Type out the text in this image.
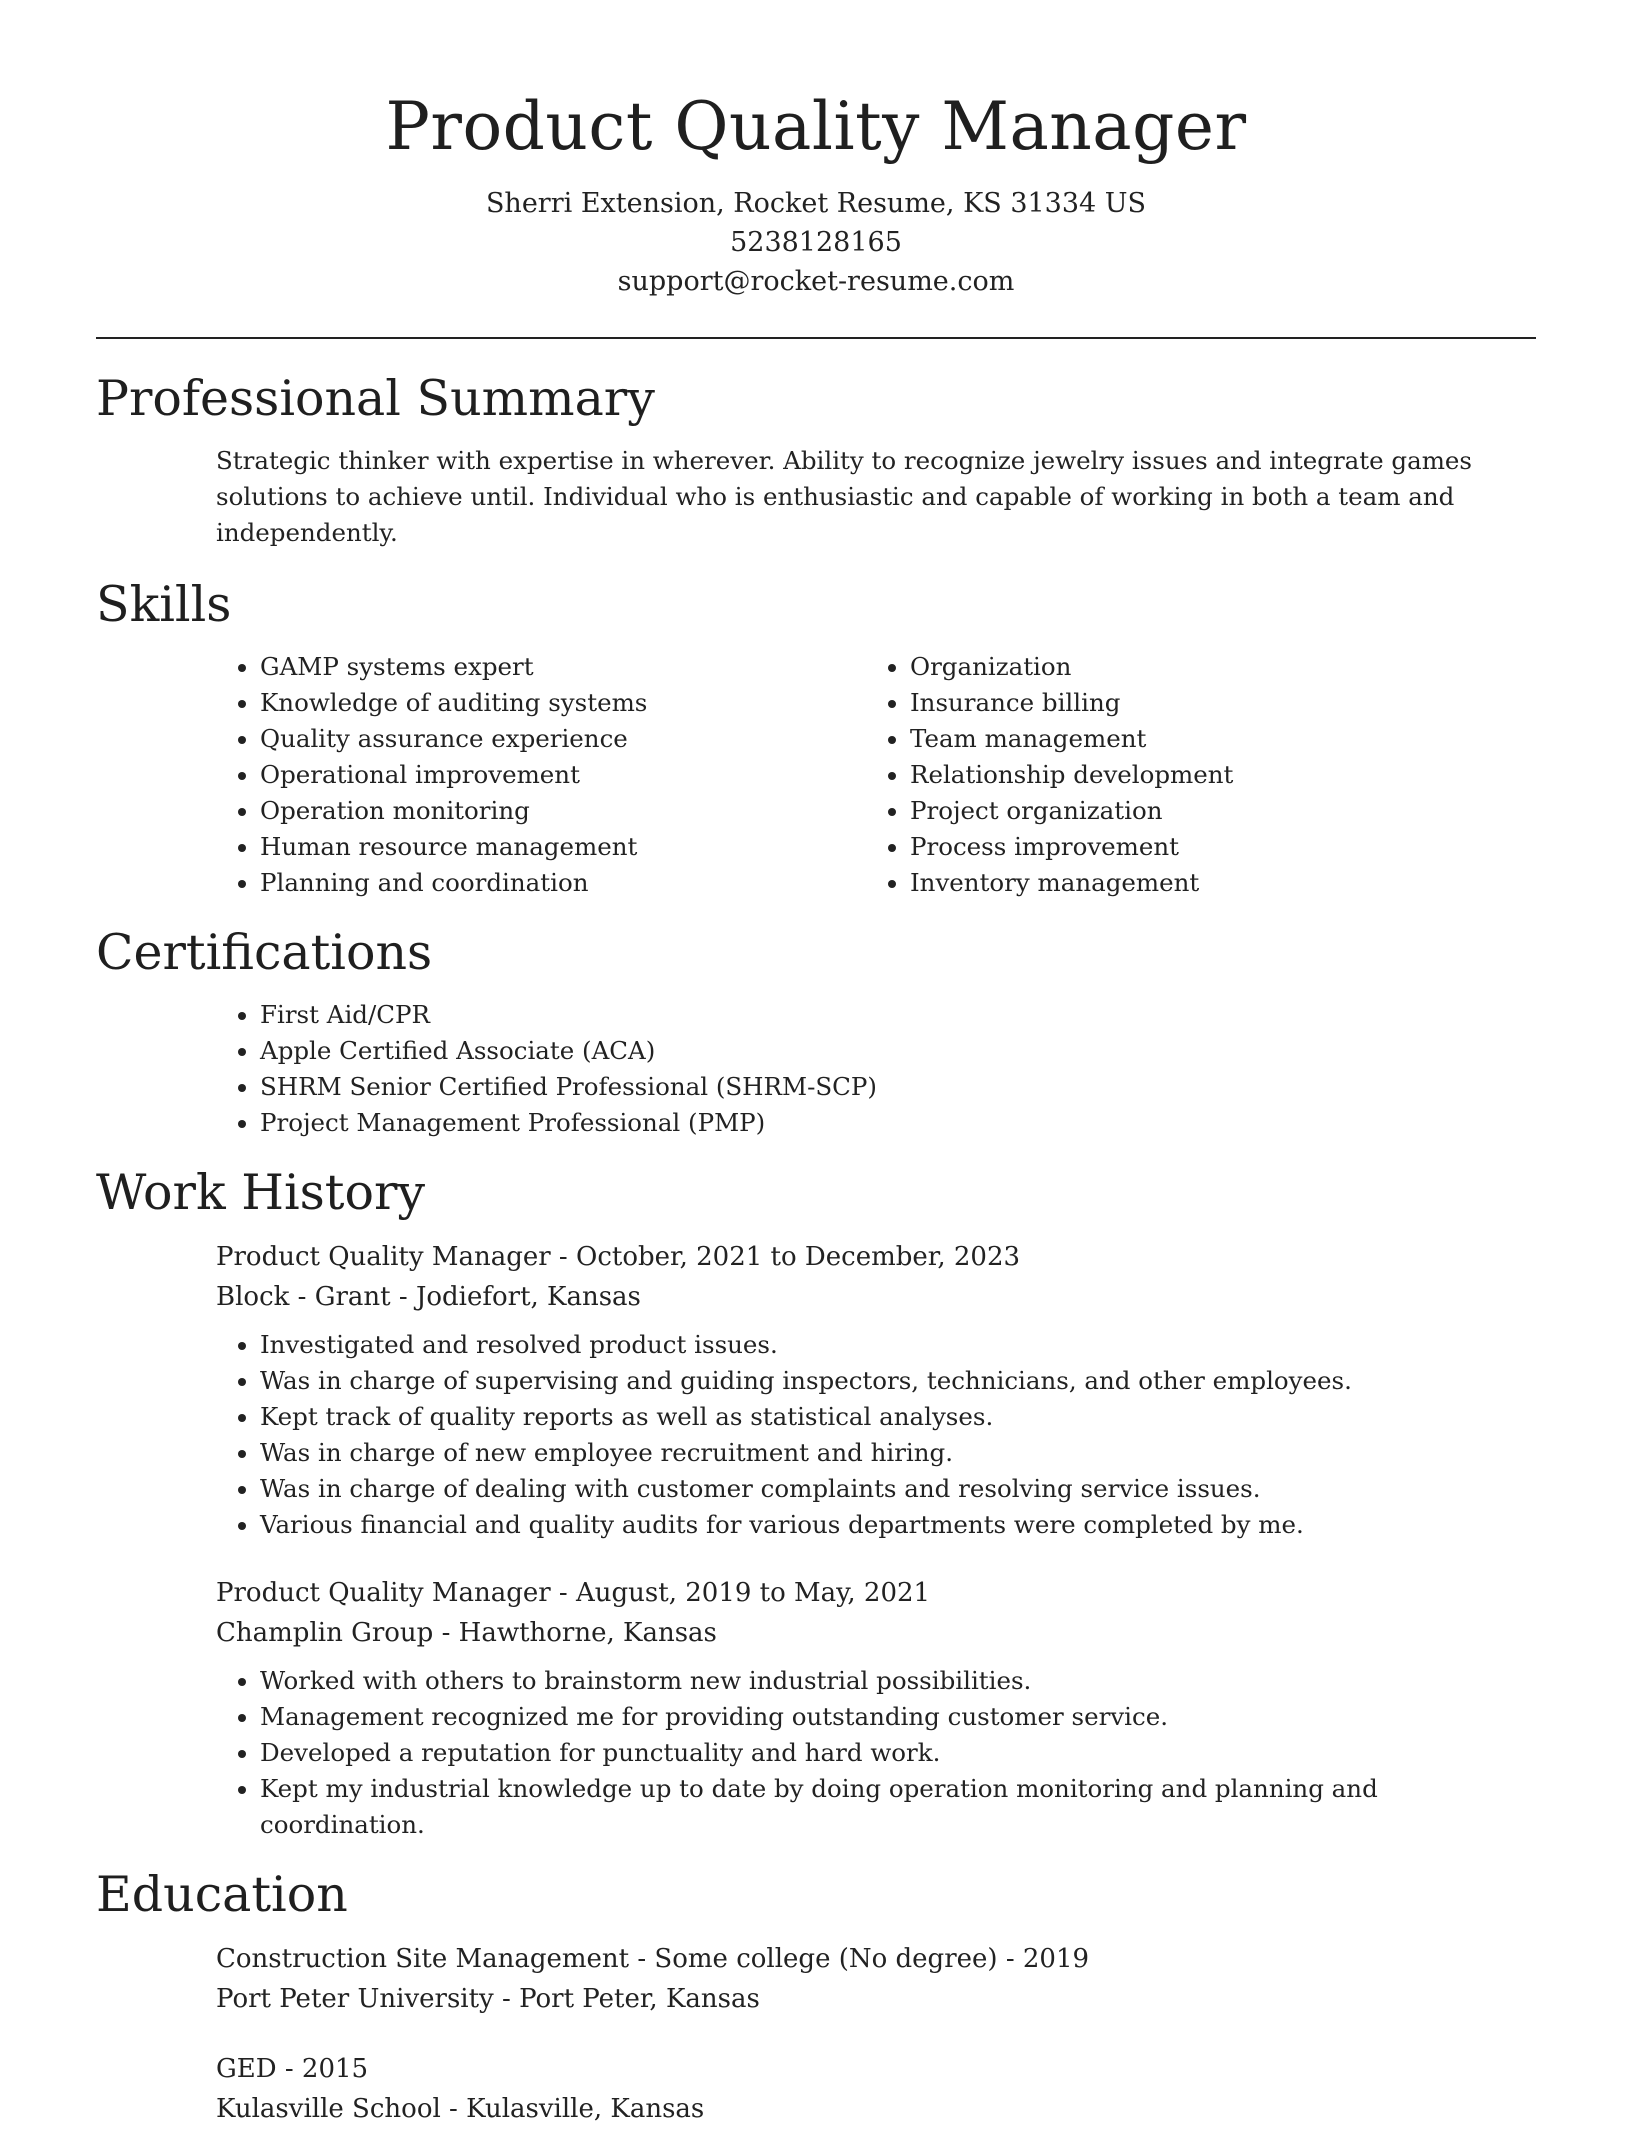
Product Quality Manager
Sherri Extension, Rocket Resume, KS 31334 US
5238128165
support@rocket-resume.com
Professional Summary

Strategic thinker with expertise in wherever. Ability to recognize jewelry issues and integrate games solutions to achieve until. Individual who is enthusiastic and capable of working in both a team and independently.

Skills
• GAMP systems expert
• Knowledge of auditing systems
• Quality assurance experience
• Operational improvement
• Operation monitoring
• Human resource management
• Planning and coordination
• Organization
• Insurance billing
• Team management
• Relationship development
• Project organization
• Process improvement
• Inventory management
Certifications
• First Aid/CPR
• Apple Certified Associate (ACA)
• SHRM Senior Certified Professional (SHRM-SCP)
• Project Management Professional (PMP)
Work History

Product Quality Manager - October, 2021 to December, 2023

Block - Grant - Jodiefort, Kansas

• Investigated and resolved product issues.
• Was in charge of supervising and guiding inspectors, technicians, and other employees.
• Kept track of quality reports as well as statistical analyses.
• Was in charge of new employee recruitment and hiring.
• Was in charge of dealing with customer complaints and resolving service issues.
• Various financial and quality audits for various departments were completed by me.

Product Quality Manager - August, 2019 to May, 2021

Champlin Group - Hawthorne, Kansas

• Worked with others to brainstorm new industrial possibilities.
• Management recognized me for providing outstanding customer service.
• Developed a reputation for punctuality and hard work.
• Kept my industrial knowledge up to date by doing operation monitoring and planning and coordination.
Education

Construction Site Management - Some college (No degree) - 2019

Port Peter University - Port Peter, Kansas

GED - 2015

Kulasville School - Kulasville, Kansas
